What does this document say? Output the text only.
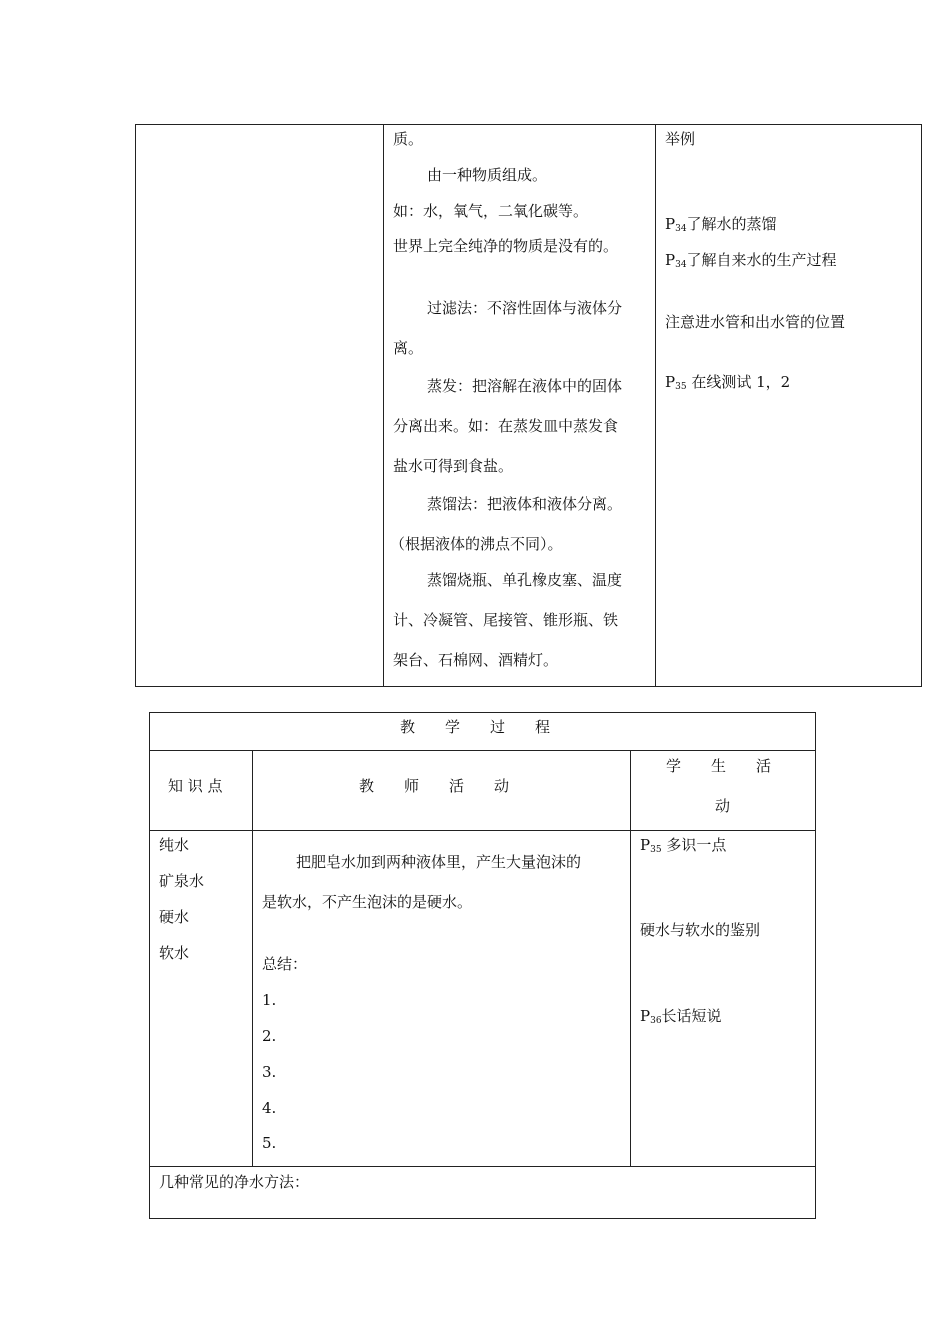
质。
由一种物质组成。
如：水，氧气，二氧化碳等。
世界上完全纯净的物质是没有的。
过滤法：不溶性固体与液体分
离。
蒸发：把溶解在液体中的固体
分离出来。如：在蒸发皿中蒸发食
盐水可得到食盐。
蒸馏法：把液体和液体分离。
（根据液体的沸点不同）。
蒸馏烧瓶、单孔橡皮塞、温度
计、冷凝管、尾接管、锥形瓶、铁
架台、石棉网、酒精灯。
举例
$P_{34}$了解水的蒸馏
$P_{34}$了解自来水的生产过程
注意进水管和出水管的位置
$P_{35}$ 在线测试 1，2
教　　学　　过　　程
知 识 点	教　　师　　活　　动
学　　生　　活
动
纯水
矿泉水
硬水
软水
把肥皂水加到两种液体里，产生大量泡沫的
是软水，不产生泡沫的是硬水。
总结：
1.
2.
3.
4.
5.
$P_{35}$ 多识一点
硬水与软水的鉴别
$P_{36}$长话短说
几种常见的净水方法：
